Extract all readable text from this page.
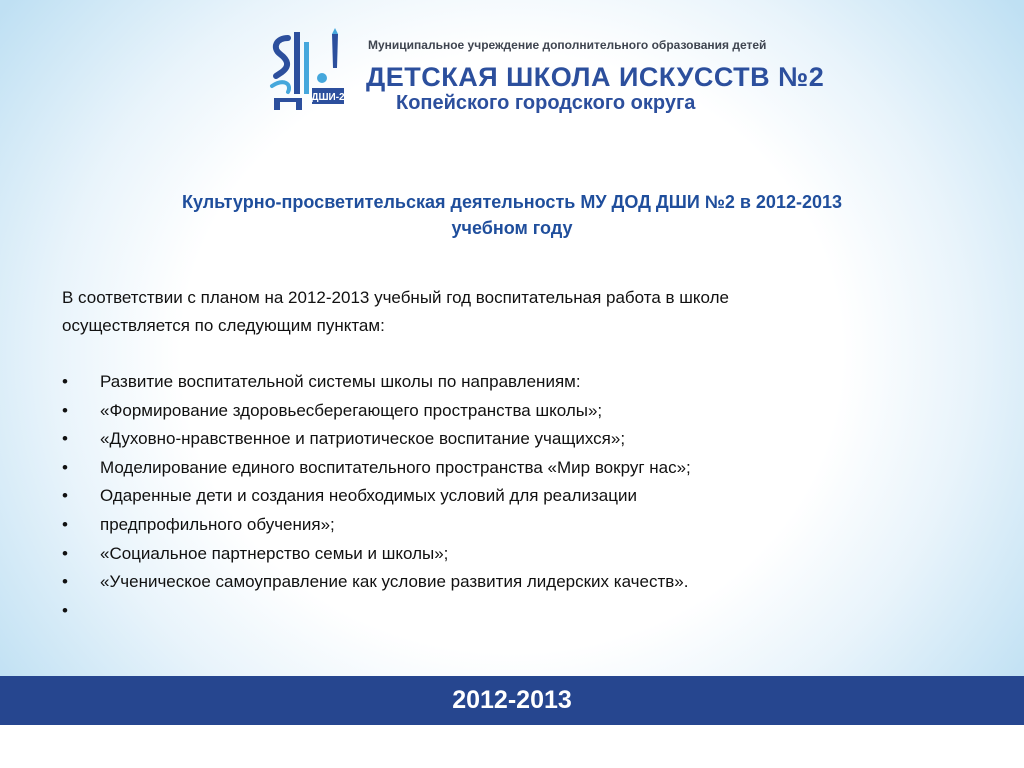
ДШИ-2
Муниципальное учреждение дополнительного образования детей
ДЕТСКАЯ ШКОЛА ИСКУССТВ №2
Копейского городского округа
Культурно-просветительская деятельность МУ ДОД ДШИ №2 в 2012-2013
учебном году
В соответствии с планом на 2012-2013 учебный год воспитательная работа в школе
осуществляется по следующим пунктам:
•	Развитие воспитательной системы школы по направлениям:
•	«Формирование здоровьесберегающего пространства школы»;
•	«Духовно-нравственное и патриотическое воспитание учащихся»;
•	Моделирование единого воспитательного пространства «Мир вокруг нас»;
•	Одаренные дети и создания необходимых условий для реализации
•	предпрофильного обучения»;
•	«Социальное партнерство семьи и школы»;
•	«Ученическое самоуправление как условие развития лидерских качеств».
•
2012-2013
